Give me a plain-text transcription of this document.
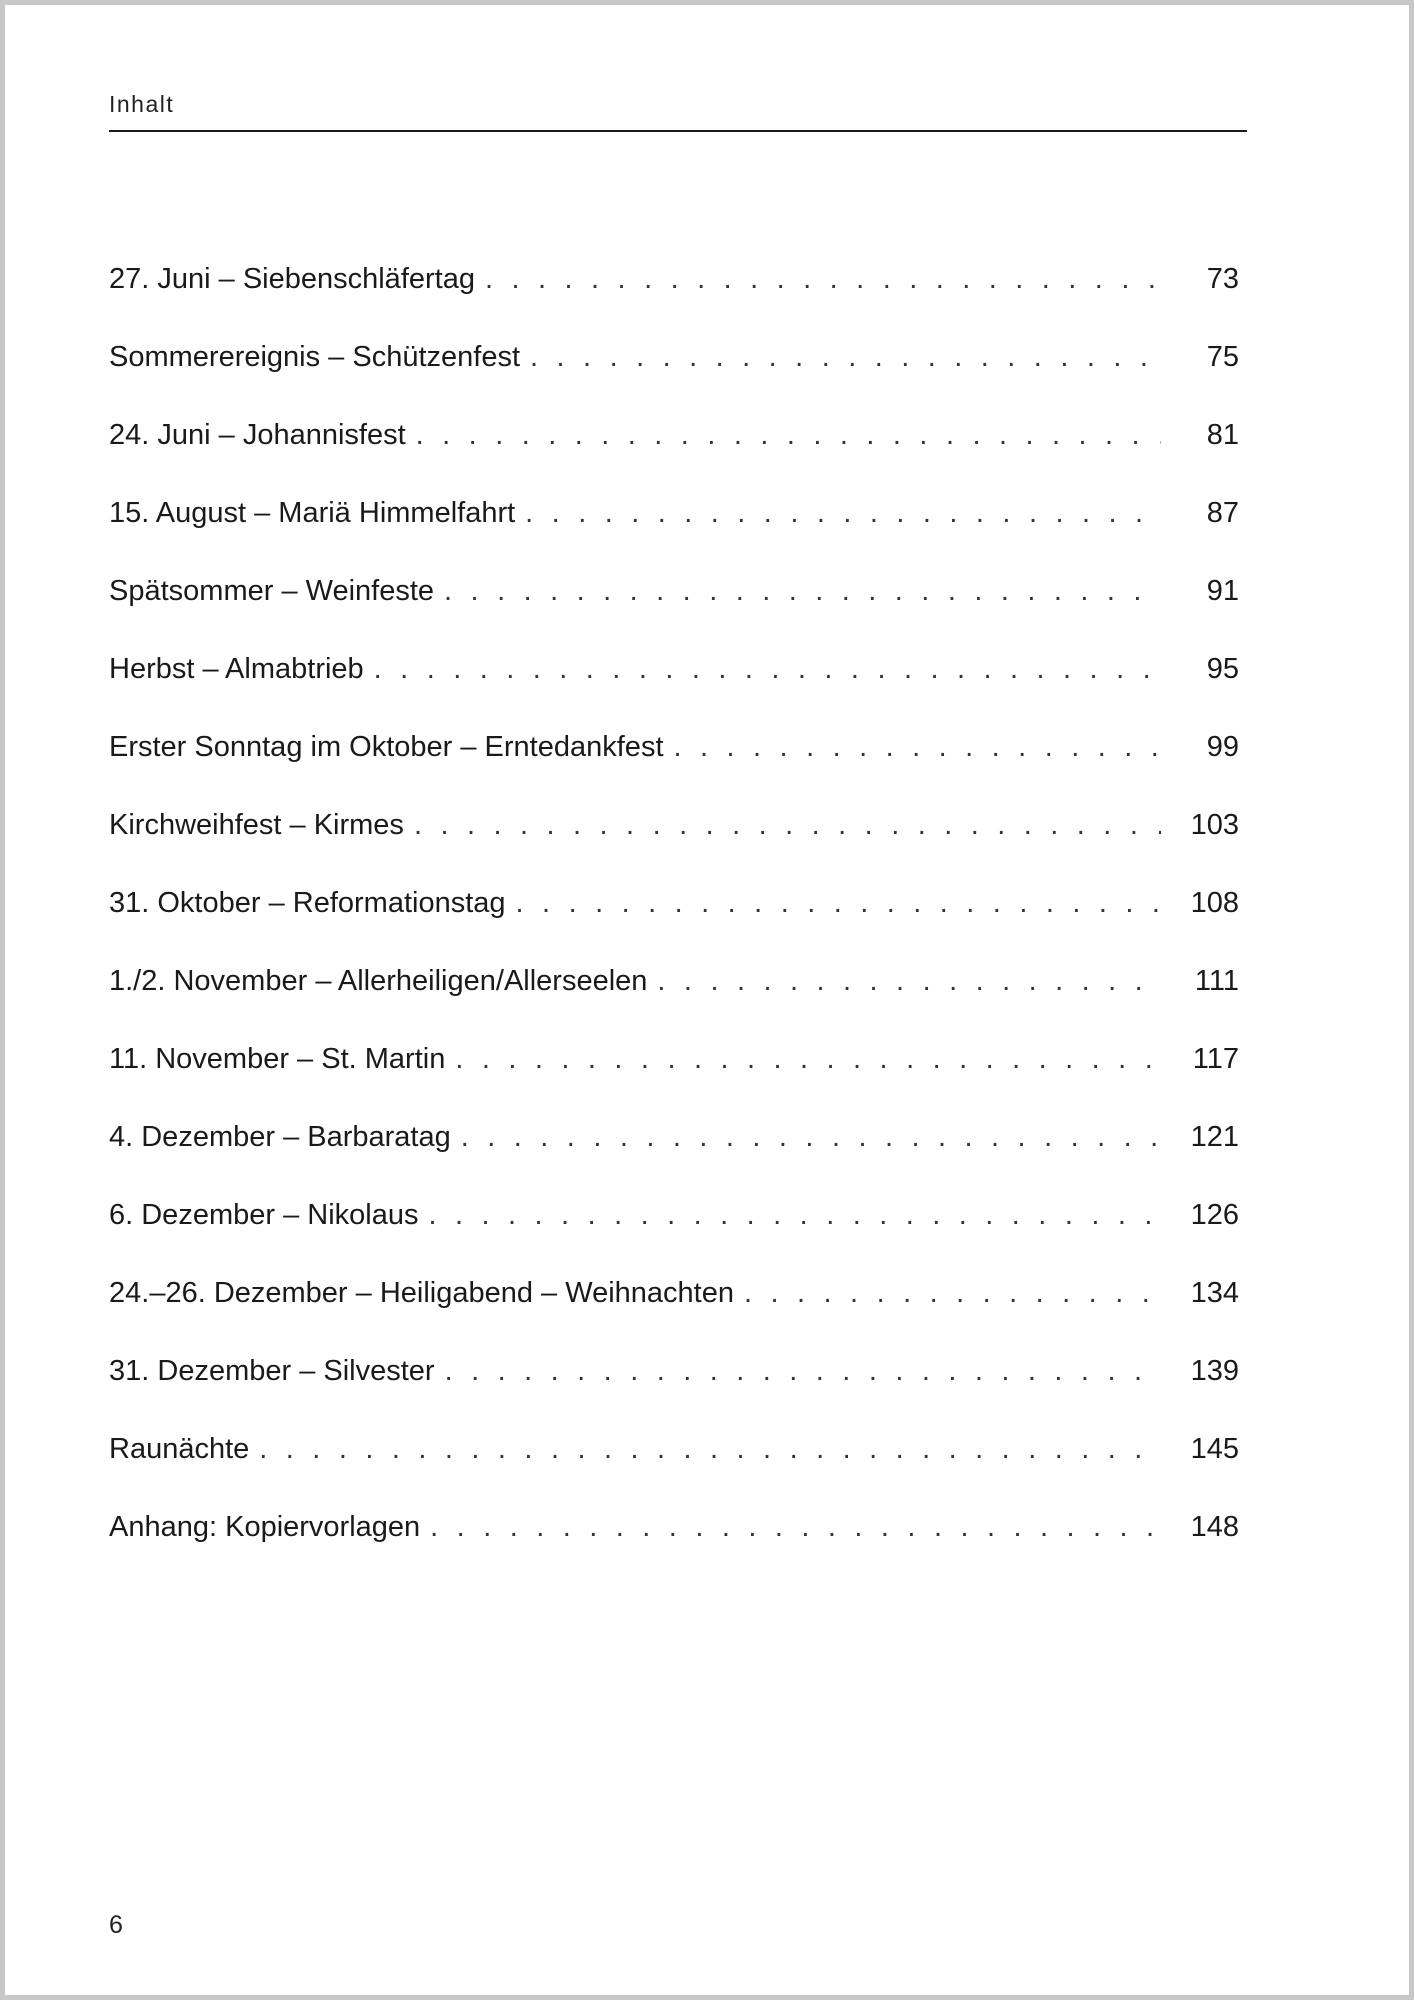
Inhalt
27. Juni – Siebenschläfertag . . .	73
Sommerereignis – Schützenfest . . .	75
24. Juni – Johannisfest . . .	81
15. August – Mariä Himmelfahrt . . .	87
Spätsommer – Weinfeste . . .	91
Herbst – Almabtrieb . . .	95
Erster Sonntag im Oktober – Erntedankfest . . .	99
Kirchweihfest – Kirmes . . .	103
31. Oktober – Reformationstag . . .	108
1./2. November – Allerheiligen/Allerseelen . . .	111
11. November – St. Martin . . .	117
4. Dezember – Barbaratag . . .	121
6. Dezember – Nikolaus . . .	126
24.–26. Dezember – Heiligabend – Weihnachten . . .	134
31. Dezember – Silvester . . .	139
Raunächte . . .	145
Anhang: Kopiervorlagen . . .	148
6
